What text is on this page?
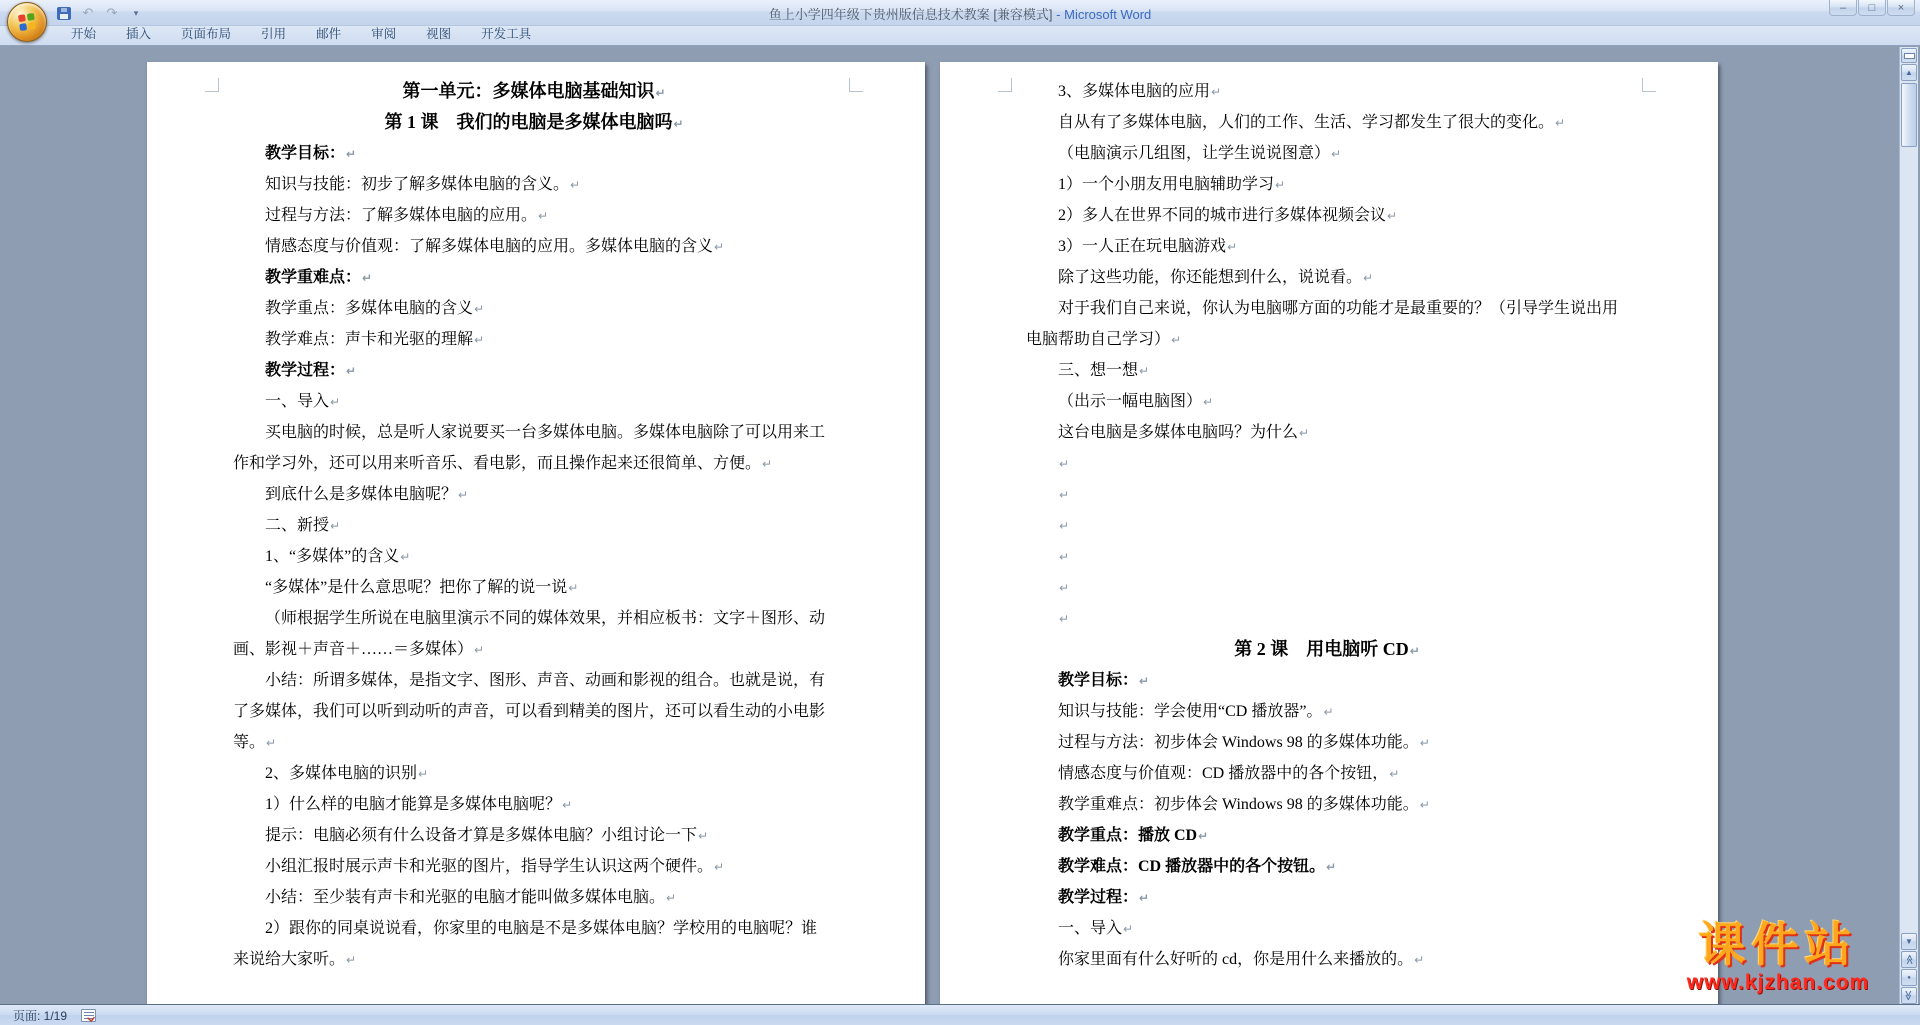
↶ ↷ ▾	鱼上小学四年级下贵州版信息技术教案 [兼容模式] - Microsoft Word	–	□	×
开始	插入	页面布局	引用	邮件	审阅	视图	开发工具
第一单元：多媒体电脑基础知识↵
第 1 课　我们的电脑是多媒体电脑吗↵
教学目标：↵
知识与技能：初步了解多媒体电脑的含义。↵
过程与方法：了解多媒体电脑的应用。↵
情感态度与价值观：了解多媒体电脑的应用。多媒体电脑的含义↵
教学重难点：↵
教学重点：多媒体电脑的含义↵
教学难点：声卡和光驱的理解↵
教学过程：↵
一、导入↵
买电脑的时候，总是听人家说要买一台多媒体电脑。多媒体电脑除了可以用来工
作和学习外，还可以用来听音乐、看电影，而且操作起来还很简单、方便。↵
到底什么是多媒体电脑呢？↵
二、新授↵
1、“多媒体”的含义↵
“多媒体”是什么意思呢？把你了解的说一说↵
（师根据学生所说在电脑里演示不同的媒体效果，并相应板书：文字＋图形、动
画、影视＋声音＋……＝多媒体）↵
小结：所谓多媒体，是指文字、图形、声音、动画和影视的组合。也就是说，有
了多媒体，我们可以听到动听的声音，可以看到精美的图片，还可以看生动的小电影
等。↵
2、多媒体电脑的识别↵
1）什么样的电脑才能算是多媒体电脑呢？↵
提示：电脑必须有什么设备才算是多媒体电脑？小组讨论一下↵
小组汇报时展示声卡和光驱的图片，指导学生认识这两个硬件。↵
小结：至少装有声卡和光驱的电脑才能叫做多媒体电脑。↵
2）跟你的同桌说说看，你家里的电脑是不是多媒体电脑？学校用的电脑呢？谁
来说给大家听。↵
3、多媒体电脑的应用↵
自从有了多媒体电脑，人们的工作、生活、学习都发生了很大的变化。↵
（电脑演示几组图，让学生说说图意）↵
1）一个小朋友用电脑辅助学习↵
2）多人在世界不同的城市进行多媒体视频会议↵
3）一人正在玩电脑游戏↵
除了这些功能，你还能想到什么，说说看。↵
对于我们自己来说，你认为电脑哪方面的功能才是最重要的？（引导学生说出用
电脑帮助自己学习）↵
三、想一想↵
（出示一幅电脑图）↵
这台电脑是多媒体电脑吗？为什么↵
↵
↵
↵
↵
↵
↵
第 2 课　用电脑听 CD↵
教学目标：↵
知识与技能：学会使用“CD 播放器”。↵
过程与方法：初步体会 Windows 98 的多媒体功能。↵
情感态度与价值观：CD 播放器中的各个按钮，↵
教学重难点：初步体会 Windows 98 的多媒体功能。↵
教学重点：播放 CD↵
教学难点：CD 播放器中的各个按钮。↵
教学过程：↵
一、导入↵
你家里面有什么好听的 cd，你是用什么来播放的。↵	课件站
www.kjzhan.com
▲
▼
≪
●
≪
页面: 1/19
